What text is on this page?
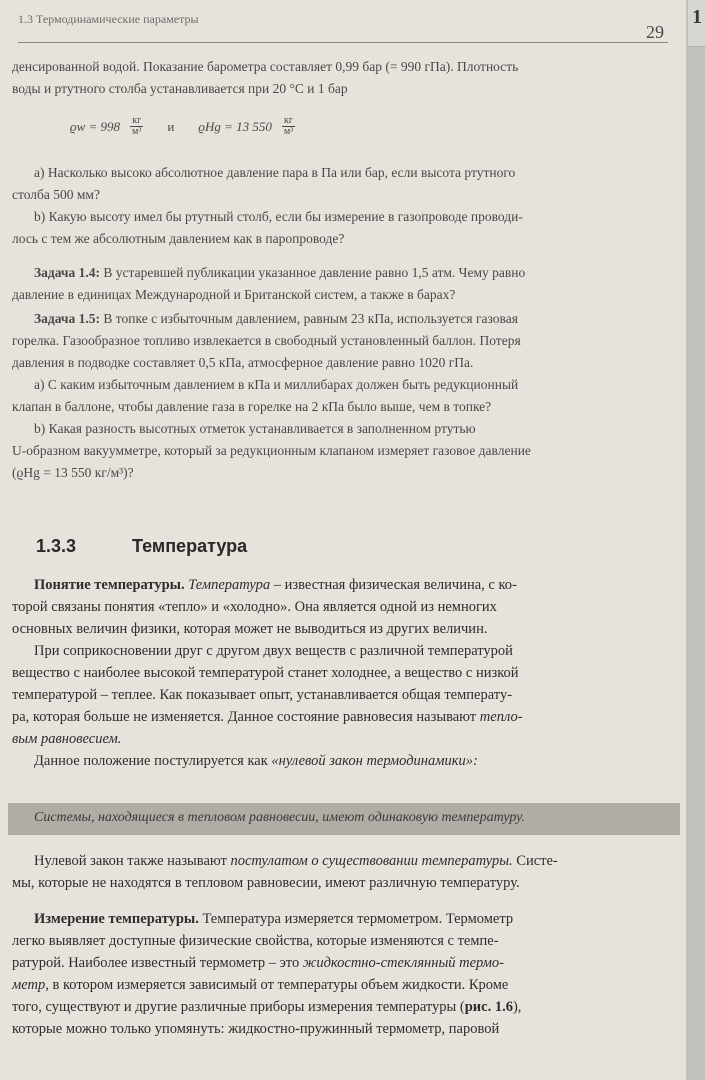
1.3 Термодинамические параметры
29
денсированной водой. Показание барометра составляет 0,99 бар (= 990 гПа). Плотность
воды и ртутного столба устанавливается при 20 °С и 1 бар
$ϱw = 998 \frac{кг}{\text{м³}}$ и ϱHg = 13 $550 \frac{кг}{\text{м³}}$
a) Насколько высоко абсолютное давление пара в Па или бар, если высота ртутного
столба 500 мм?
b) Какую высоту имел бы ртутный столб, если бы измерение в газопроводе проводи-
лось с тем же абсолютным давлением как в паропроводе?
Задача 1.4: В устаревшей публикации указанное давление равно 1,5 атм. Чему равно
давление в единицах Международной и Британской систем, а также в барах?
Задача 1.5: В топке с избыточным давлением, равным 23 кПа, используется газовая
горелка. Газообразное топливо извлекается в свободный установленный баллон. Потеря
давления в подводке составляет 0,5 кПа, атмосферное давление равно 1020 гПа.
a) С каким избыточным давлением в кПа и миллибарах должен быть редукционный
клапан в баллоне, чтобы давление газа в горелке на 2 кПа было выше, чем в топке?
b) Какая разность высотных отметок устанавливается в заполненном ртутью
U-образном вакуумметре, который за редукционным клапаном измеряет газовое давление
(ϱHg = 13 550 кг/м³)?
1.3.3	Температура
Понятие температуры. Температура – известная физическая величина, с ко-
торой связаны понятия «тепло» и «холодно». Она является одной из немногих
основных величин физики, которая может не выводиться из других величин.
При соприкосновении друг с другом двух веществ с различной температурой
вещество с наиболее высокой температурой станет холоднее, а вещество с низкой
температурой – теплее. Как показывает опыт, устанавливается общая температу-
ра, которая больше не изменяется. Данное состояние равновесия называют тепло-
вым равновесием.
Данное положение постулируется как «нулевой закон термодинамики»:
Системы, находящиеся в тепловом равновесии, имеют одинаковую температуру.
Нулевой закон также называют постулатом о существовании температуры. Систе-
мы, которые не находятся в тепловом равновесии, имеют различную температуру.
Измерение температуры. Температура измеряется термометром. Термометр
легко выявляет доступные физические свойства, которые изменяются с темпе-
ратурой. Наиболее известный термометр – это жидкостно-стеклянный термо-
метр, в котором измеряется зависимый от температуры объем жидкости. Кроме
того, существуют и другие различные приборы измерения температуры (рис. 1.6),
которые можно только упомянуть: жидкостно-пружинный термометр, паровой
1
